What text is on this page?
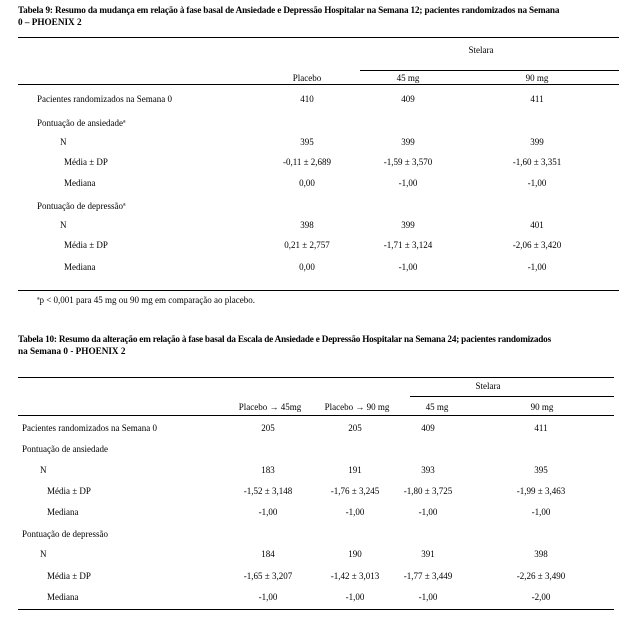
Tabela 9: Resumo da mudança em relação à fase basal de Ansiedade e Depressão Hospitalar na Semana 12; pacientes randomizados na Semana
0 – PHOENIX 2
Stelara
Placebo	45 mg	90 mg
Pacientes randomizados na Semana 0	410	409	411
Pontuação de ansiedadeª
N	395	399	399
Média ± DP	-0,11 ± 2,689	-1,59 ± 3,570	-1,60 ± 3,351
Mediana	0,00	-1,00	-1,00
Pontuação de depressãoª
N	398	399	401
Média ± DP	0,21 ± 2,757	-1,71 ± 3,124	-2,06 ± 3,420
Mediana	0,00	-1,00	-1,00
ªp < 0,001 para 45 mg ou 90 mg em comparação ao placebo.
Tabela 10: Resumo da alteração em relação à fase basal da Escala de Ansiedade e Depressão Hospitalar na Semana 24; pacientes randomizados
na Semana 0 - PHOENIX 2
Stelara
Placebo → 45mg	Placebo → 90 mg	45 mg	90 mg
Pacientes randomizados na Semana 0	205	205	409	411
Pontuação de ansiedade
N	183	191	393	395
Média ± DP	-1,52 ± 3,148	-1,76 ± 3,245	-1,80 ± 3,725	-1,99 ± 3,463
Mediana	-1,00	-1,00	-1,00	-1,00
Pontuação de depressão
N	184	190	391	398
Média ± DP	-1,65 ± 3,207	-1,42 ± 3,013	-1,77 ± 3,449	-2,26 ± 3,490
Mediana	-1,00	-1,00	-1,00	-2,00
